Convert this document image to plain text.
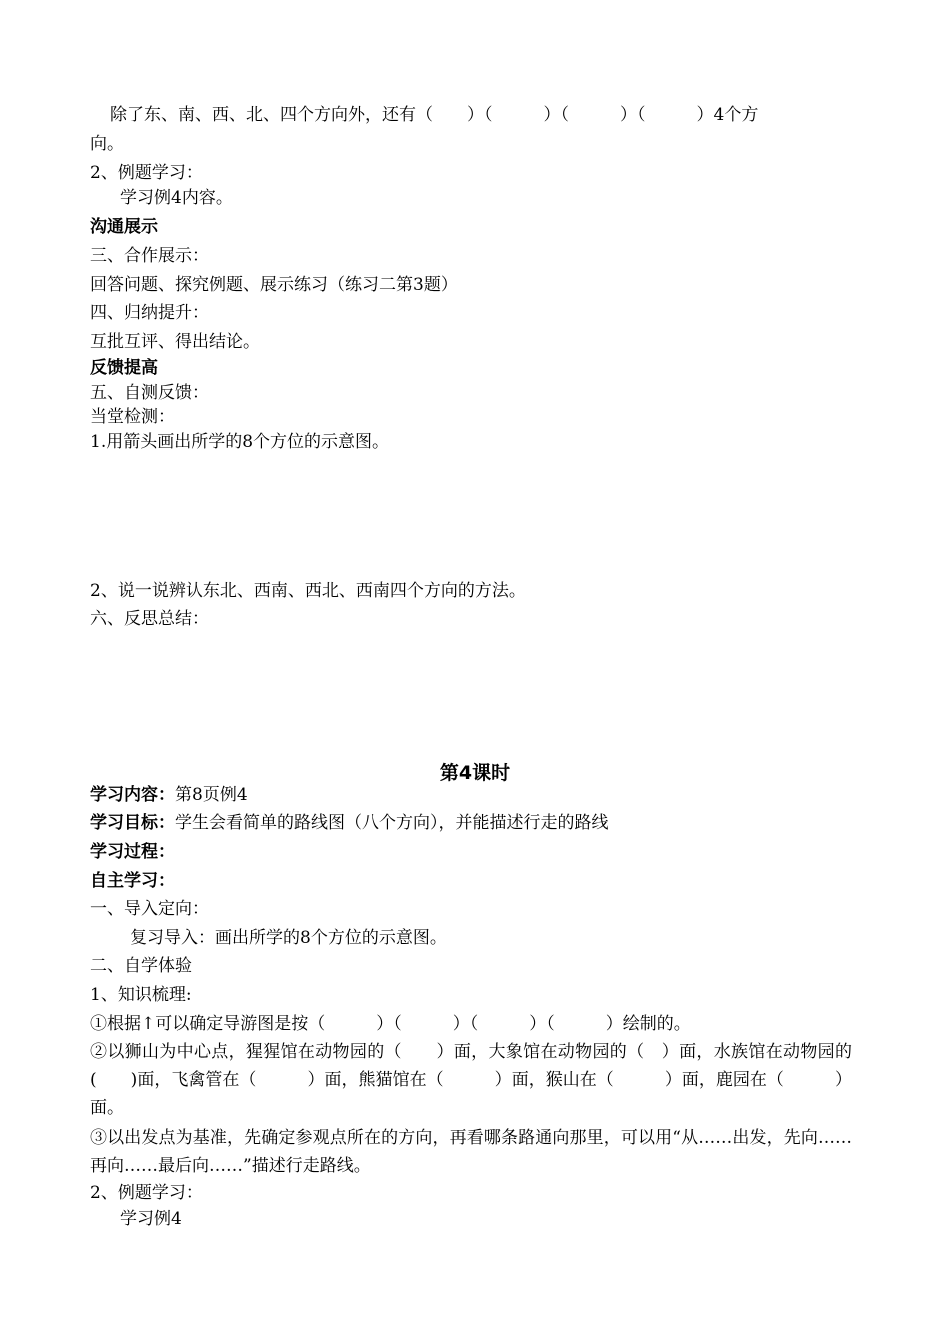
除了东、南、西、北、四个方向外，还有（　　）（　　　）（　　　）（　　　）4个方
向。
2、例题学习：
学习例4内容。
沟通展示
三、合作展示：
回答问题、探究例题、展示练习（练习二第3题）
四、归纳提升：
互批互评、得出结论。
反馈提高
五、自测反馈：
当堂检测：
1.用箭头画出所学的8个方位的示意图。
2、说一说辨认东北、西南、西北、西南四个方向的方法。
六、反思总结：
第4课时
学习内容：第8页例4
学习目标：学生会看简单的路线图（八个方向），并能描述行走的路线
学习过程：
自主学习：
一、导入定向：
复习导入：画出所学的8个方位的示意图。
二、自学体验
1、知识梳理:
①根据↑可以确定导游图是按（　　　）（　　　）（　　　）（　　　）绘制的。
②以狮山为中心点，猩猩馆在动物园的（　　）面，大象馆在动物园的（　）面，水族馆在动物园的(　　)面，飞禽管在（　　　）面，熊猫馆在（　　　）面，猴山在（　　　）面，鹿园在（　　　）面。
③以出发点为基准，先确定参观点所在的方向，再看哪条路通向那里，可以用“从……出发，先向……再向……最后向……”描述行走路线。
2、例题学习：
学习例4
